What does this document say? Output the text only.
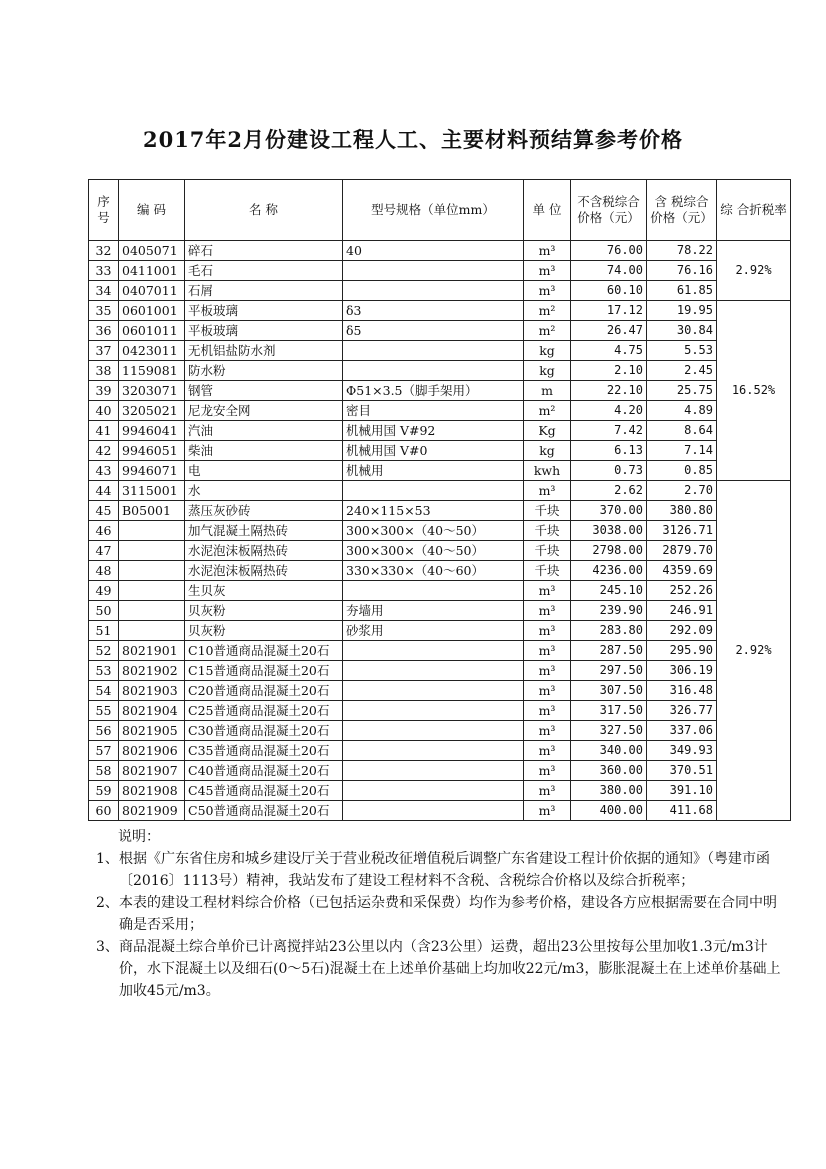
2017年2月份建设工程人工、主要材料预结算参考价格
序号	编 码	名 称	型号规格（单位mm）	单 位	不含税综合价格（元）	含 税综合价格（元）	综 合折税率
32	0405071	碎石	40	m³	76.00	78.22	2.92%
33	0411001	毛石		m³	74.00	76.16	
34	0407011	石屑		m³	60.10	61.85	
35	0601001	平板玻璃	δ3	m²	17.12	19.95	16.52%
36	0601011	平板玻璃	δ5	m²	26.47	30.84	
37	0423011	无机铝盐防水剂		kg	4.75	5.53	
38	1159081	防水粉		kg	2.10	2.45	
39	3203071	钢管	Φ51×3.5（脚手架用）	m	22.10	25.75	
40	3205021	尼龙安全网	密目	m²	4.20	4.89	
41	9946041	汽油	机械用国 V#92	Kg	7.42	8.64	
42	9946051	柴油	机械用国 V#0	kg	6.13	7.14	
43	9946071	电	机械用	kwh	0.73	0.85	
44	3115001	水		m³	2.62	2.70	2.92%
45	B05001	蒸压灰砂砖	240×115×53	千块	370.00	380.80	
46		加气混凝土隔热砖	300×300×（40～50）	千块	3038.00	3126.71	
47		水泥泡沫板隔热砖	300×300×（40～50）	千块	2798.00	2879.70	
48		水泥泡沫板隔热砖	330×330×（40～60）	千块	4236.00	4359.69	
49		生贝灰		m³	245.10	252.26	
50		贝灰粉	夯墙用	m³	239.90	246.91	
51		贝灰粉	砂浆用	m³	283.80	292.09	
52	8021901	C10普通商品混凝土20石		m³	287.50	295.90	
53	8021902	C15普通商品混凝土20石		m³	297.50	306.19	
54	8021903	C20普通商品混凝土20石		m³	307.50	316.48	
55	8021904	C25普通商品混凝土20石		m³	317.50	326.77	
56	8021905	C30普通商品混凝土20石		m³	327.50	337.06	
57	8021906	C35普通商品混凝土20石		m³	340.00	349.93	
58	8021907	C40普通商品混凝土20石		m³	360.00	370.51	
59	8021908	C45普通商品混凝土20石		m³	380.00	391.10	
60	8021909	C50普通商品混凝土20石		m³	400.00	411.68	
说明：
1、 根据《广东省住房和城乡建设厅关于营业税改征增值税后调整广东省建设工程计价依据的通知》（粤建市函〔2016〕1113号）精神，我站发布了建设工程材料不含税、含税综合价格以及综合折税率；
2、 本表的建设工程材料综合价格（已包括运杂费和采保费）均作为参考价格，建设各方应根据需要在合同中明确是否采用；
3、 商品混凝土综合单价已计离搅拌站23公里以内（含23公里）运费，超出23公里按每公里加收1.3元/m3计价，水下混凝土以及细石(0～5石)混凝土在上述单价基础上均加收22元/m3，膨胀混凝土在上述单价基础上加收45元/m3。
